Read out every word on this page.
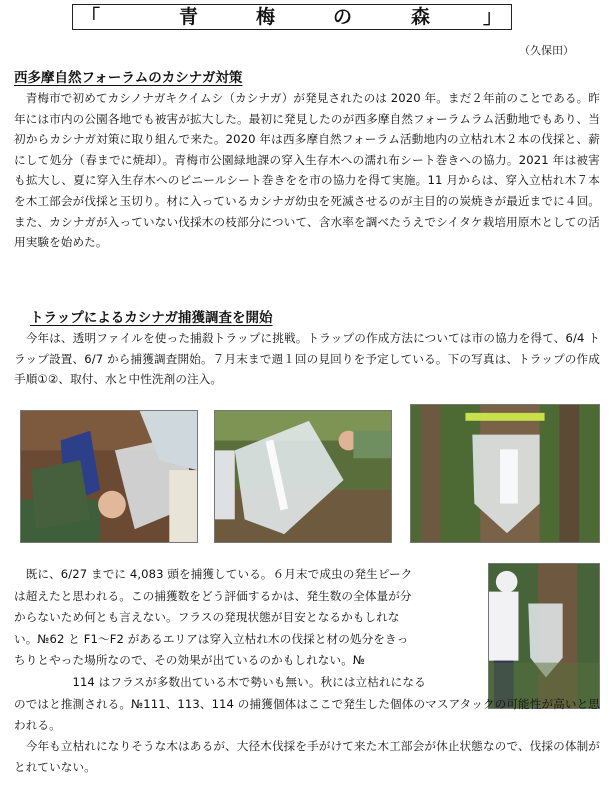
「	青	梅	の	森	」
（久保田）
西多摩自然フォーラムのカシナガ対策

　青梅市で初めてカシノナガキクイムシ（カシナガ）が発見されたのは 2020 年。まだ２年前のことである。昨年には市内の公園各地でも被害が拡大した。最初に発見したのが西多摩自然フォーラムラム活動地でもあり、当初からカシナガ対策に取り組んで来た。2020 年は西多摩自然フォーラム活動地内の立枯れ木２本の伐採と、薪にして処分（春までに焼却）。青梅市公園緑地課の穿入生存木への濡れ布シート巻きへの協力。2021 年は被害も拡大し、夏に穿入生存木へのビニールシート巻きをを市の協力を得て実施。11 月からは、穿入立枯れ木７本を木工部会が伐採と玉切り。材に入っているカシナガ幼虫を死滅させるのが主目的の炭焼きが最近までに４回。また、カシナガが入っていない伐採木の枝部分について、含水率を調べたうえでシイタケ栽培用原木としての活用実験を始めた。

トラップによるカシナガ捕獲調査を開始

　今年は、透明ファイルを使った捕殺トラップに挑戦。トラップの作成方法については市の協力を得て、6/4 トラップ設置、6/7 から捕獲調査開始。７月末まで週１回の見回りを予定している。下の写真は、トラップの作成手順①②、取付、水と中性洗剤の注入。

　既に、6/27 までに 4,083 頭を捕獲している。６月末で成虫の発生ピーク

は超えたと思われる。この捕獲数をどう評価するかは、発生数の全体量が分

からないため何とも言えない。フラスの発現状態が目安となるかもしれな

い。№62 と F1～F2 があるエリアは穿入立枯れ木の伐採と材の処分をきっ

ちりとやった場所なので、その効果が出ているのかもしれない。№

　　　　　114 はフラスが多数出ている木で勢いも無い。秋には立枯れになる

のではと推測される。№111、113、114 の捕獲個体はここで発生した個体のマスアタックの可能性が高いと思われる。

　今年も立枯れになりそうな木はあるが、大径木伐採を手がけて来た木工部会が休止状態なので、伐採の体制がとれていない。
